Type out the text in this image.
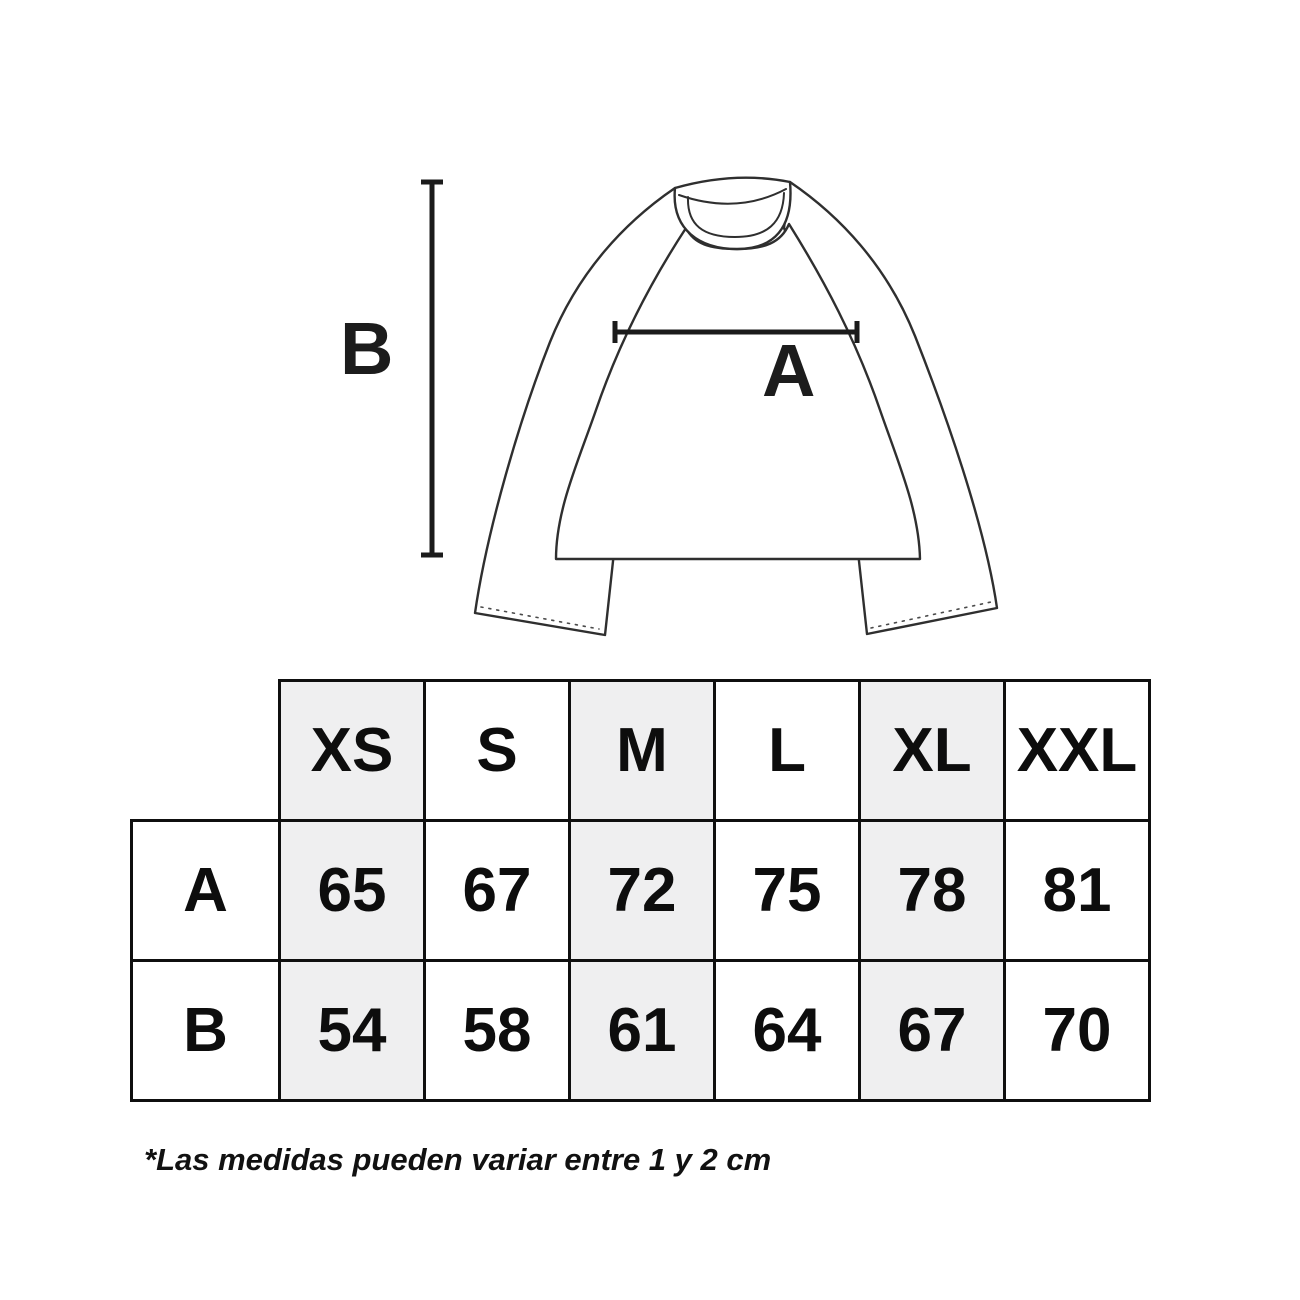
B	A
	XS	S	M	L	XL	XXL
A	65	67	72	75	78	81
B	54	58	61	64	67	70
*Las medidas pueden variar entre 1 y 2 cm
